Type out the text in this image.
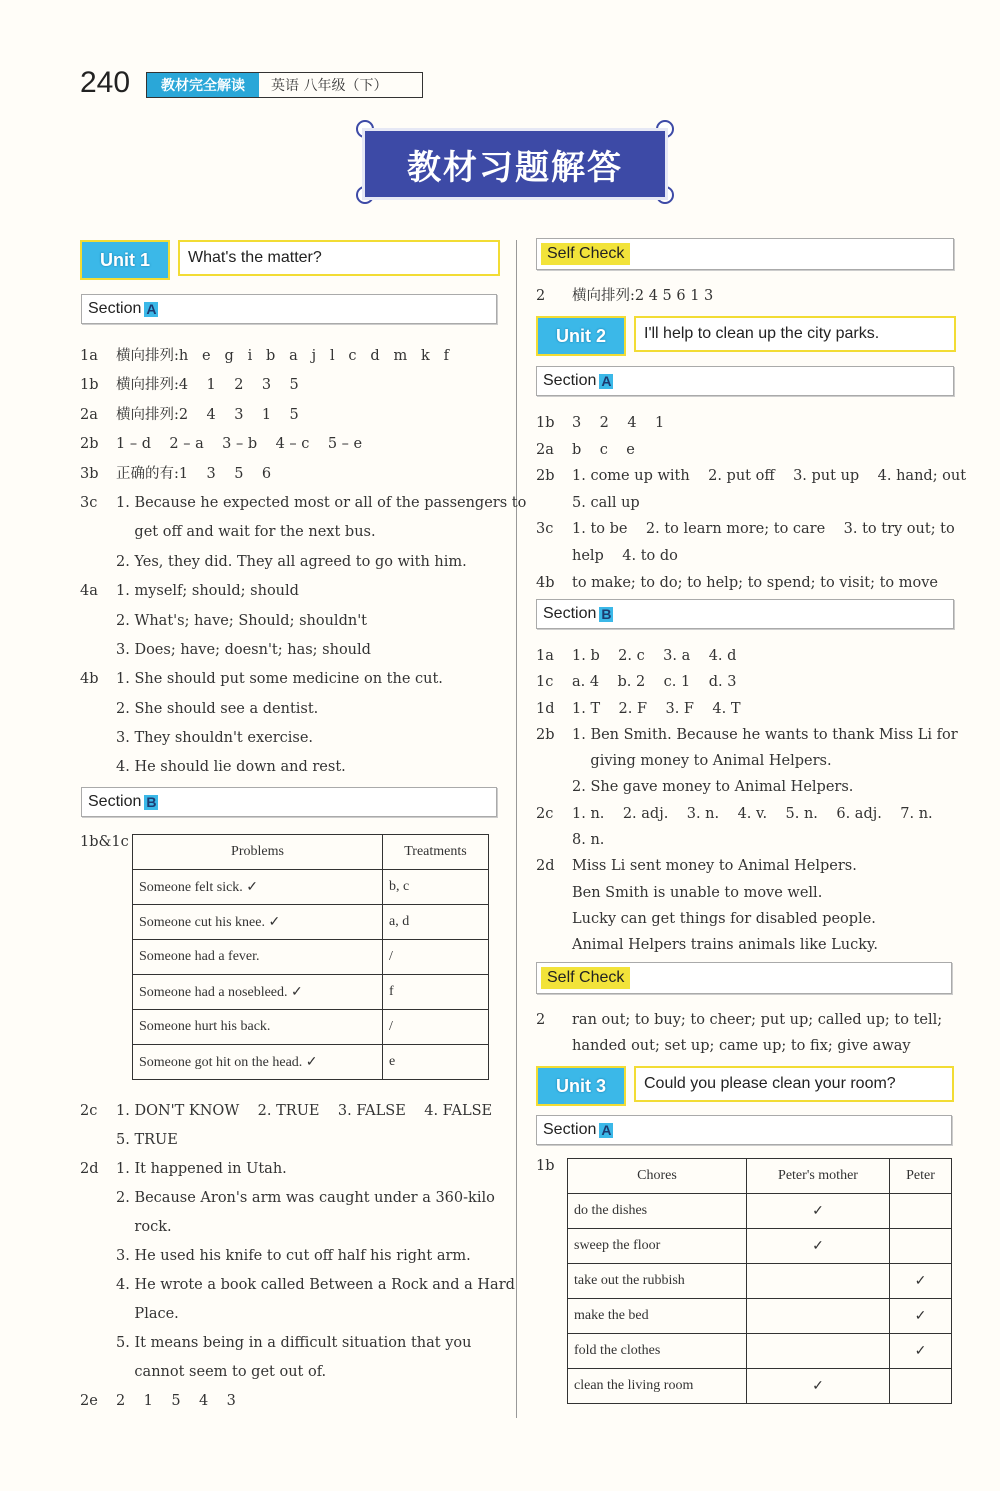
240	教材完全解读	英语 八年级（下）
教材习题解答
Unit 1	What's the matter?
Section A
1a 横向排列:h   e   g   i   b   a   j   l   c   d   m   k   f
1b 横向排列:4    1    2    3    5
2a 横向排列:2    4    3    1    5
2b 1 – d    2 – a    3 – b    4 – c    5 – e
3b 正确的有:1    3    5    6
3c 1. Because he expected most or all of the passengers to
get off and wait for the next bus.
2. Yes, they did. They all agreed to go with him.
4a 1. myself; should; should
2. What's; have; Should; shouldn't
3. Does; have; doesn't; has; should
4b 1. She should put some medicine on the cut.
2. She should see a dentist.
3. They shouldn't exercise.
4. He should lie down and rest.
Section B
1b&1c
Problems	Treatments
Someone felt sick. ✓	b, c
Someone cut his knee. ✓	a, d
Someone had a fever.	/
Someone had a nosebleed. ✓	f
Someone hurt his back.	/
Someone got hit on the head. ✓	e
2c 1. DON'T KNOW    2. TRUE    3. FALSE    4. FALSE
5. TRUE
2d 1. It happened in Utah.
2. Because Aron's arm was caught under a 360-kilo
rock.
3. He used his knife to cut off half his right arm.
4. He wrote a book called Between a Rock and a Hard
Place.
5. It means being in a difficult situation that you
cannot seem to get out of.
2e 2    1    5    4    3
Self Check
2 横向排列:2 4 5 6 1 3
Unit 2	I'll help to clean up the city parks.
Section A
1b 3    2    4    1
2a b    c    e
2b 1. come up with    2. put off    3. put up    4. hand; out
5. call up
3c 1. to be    2. to learn more; to care    3. to try out; to
help    4. to do
4b to make; to do; to help; to spend; to visit; to move
Section B
1a 1. b    2. c    3. a    4. d
1c a. 4    b. 2    c. 1    d. 3
1d 1. T    2. F    3. F    4. T
2b 1. Ben Smith. Because he wants to thank Miss Li for
giving money to Animal Helpers.
2. She gave money to Animal Helpers.
2c 1. n.    2. adj.    3. n.    4. v.    5. n.    6. adj.    7. n.
8. n.
2d Miss Li sent money to Animal Helpers.
Ben Smith is unable to move well.
Lucky can get things for disabled people.
Animal Helpers trains animals like Lucky.
Self Check
2 ran out; to buy; to cheer; put up; called up; to tell;
handed out; set up; came up; to fix; give away
Unit 3	Could you please clean your room?
Section A
1b
Chores	Peter's mother	Peter
do the dishes	✓	
sweep the floor	✓	
take out the rubbish		✓
make the bed		✓
fold the clothes		✓
clean the living room	✓	
